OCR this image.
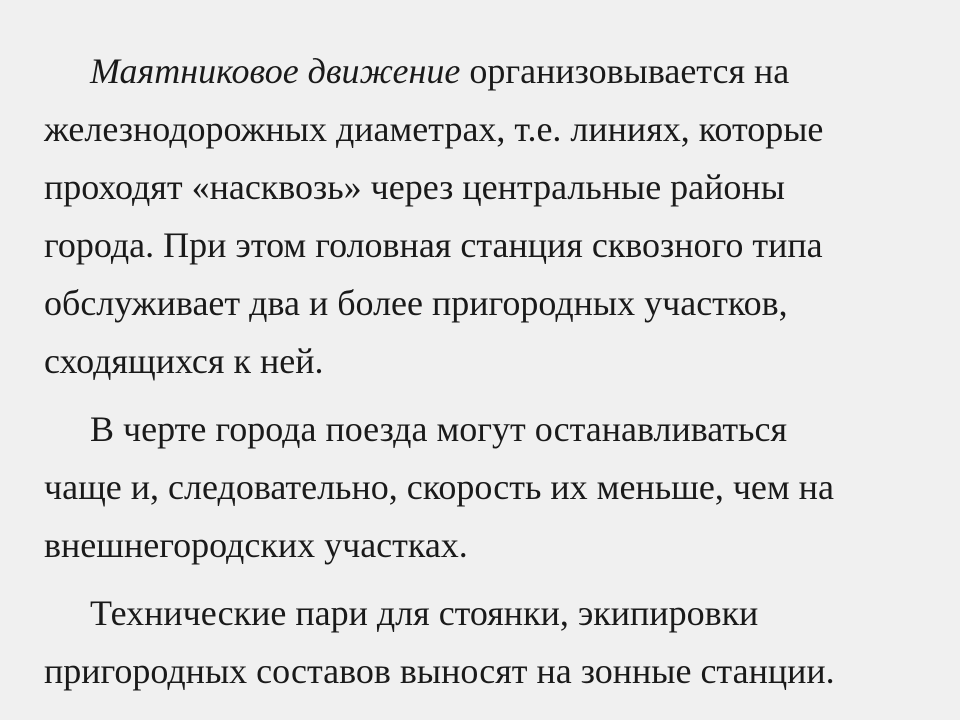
Маятниковое движение организовывается на
железнодорожных диаметрах, т.е. линиях, которые
проходят «насквозь» через центральные районы
города. При этом головная станция сквозного типа
обслуживает два и более пригородных участков,
сходящихся к ней.

В черте города поезда могут останавливаться
чаще и, следовательно, скорость их меньше, чем на
внешнегородских участках.

Технические пари для стоянки, экипировки
пригородных составов выносят на зонные станции.
